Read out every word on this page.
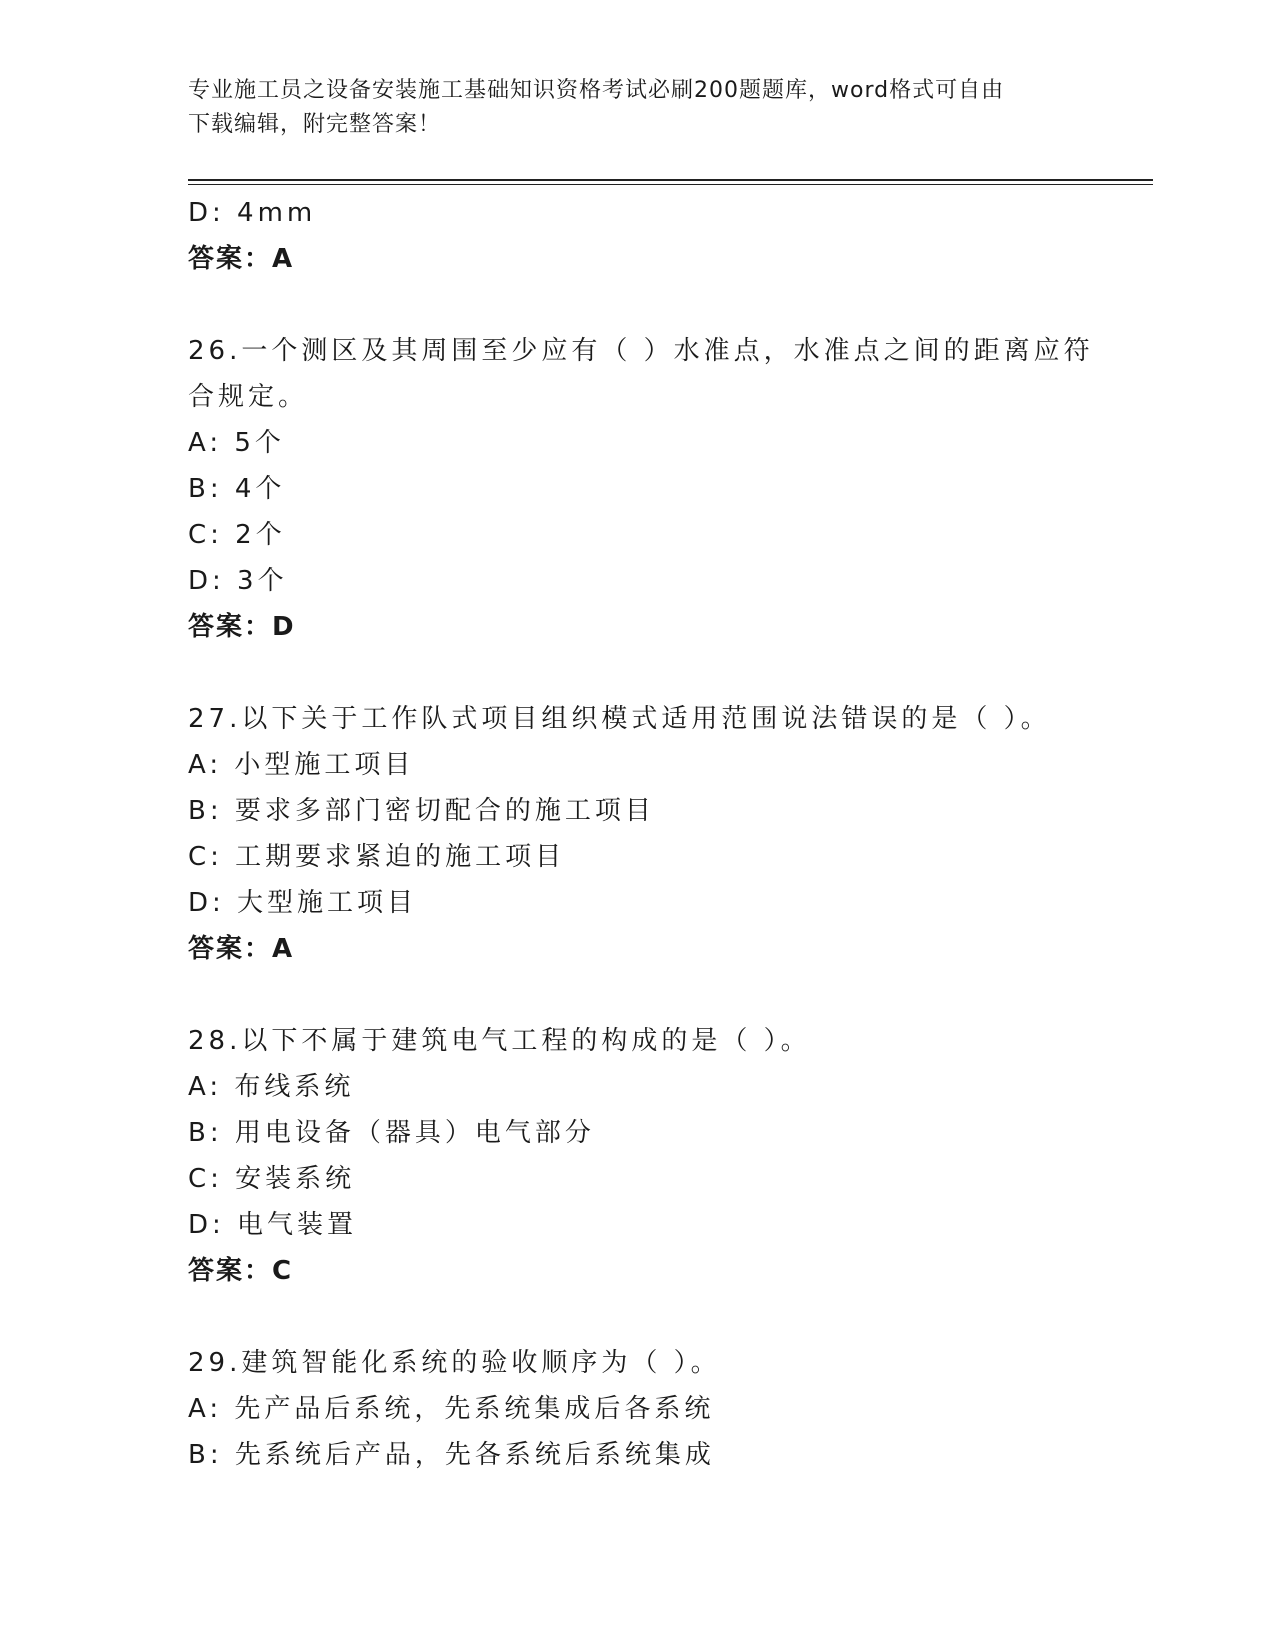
专业施工员之设备安装施工基础知识资格考试必刷200题题库，word格式可自由
下载编辑，附完整答案！
D: 4mm
答案：A
26.一个测区及其周围至少应有（ ）水准点，水准点之间的距离应符
合规定。
A: 5个
B: 4个
C: 2个
D: 3个
答案：D
27.以下关于工作队式项目组织模式适用范围说法错误的是（ ）。
A: 小型施工项目
B: 要求多部门密切配合的施工项目
C: 工期要求紧迫的施工项目
D: 大型施工项目
答案：A
28.以下不属于建筑电气工程的构成的是（ ）。
A: 布线系统
B: 用电设备（器具）电气部分
C: 安装系统
D: 电气装置
答案：C
29.建筑智能化系统的验收顺序为（ ）。
A: 先产品后系统，先系统集成后各系统
B: 先系统后产品，先各系统后系统集成
